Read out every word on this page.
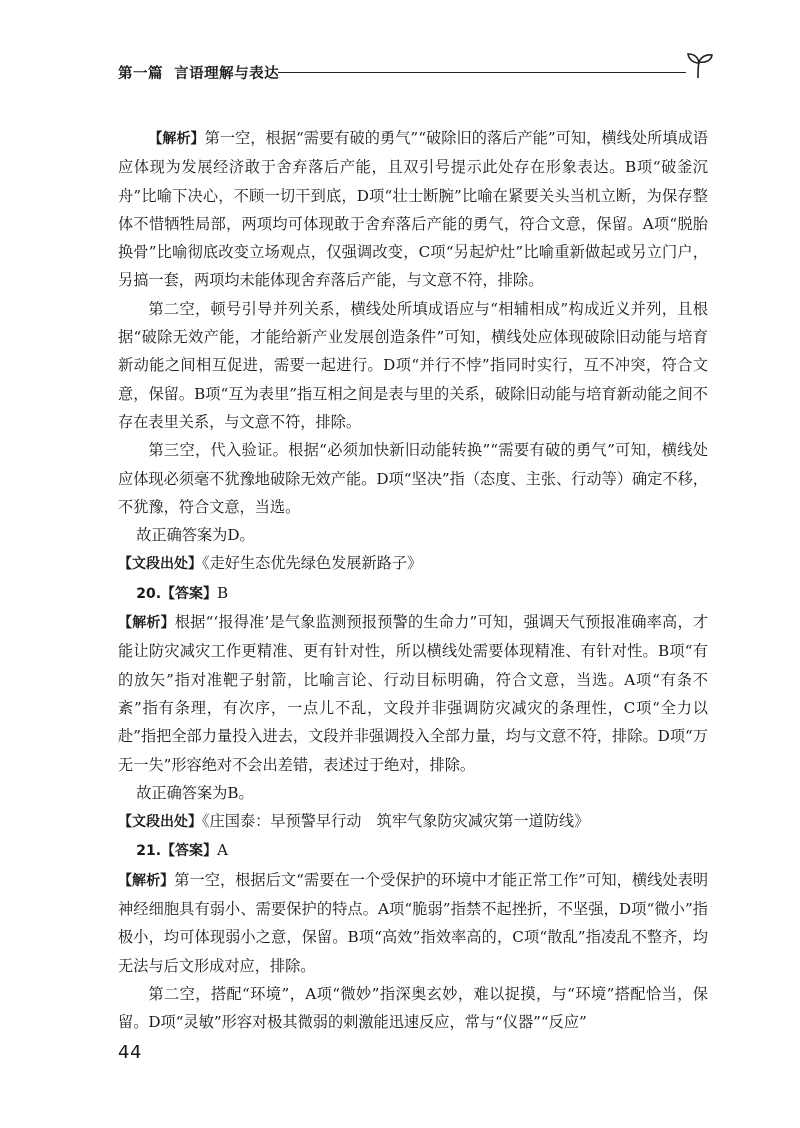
第一篇 言语理解与表达

【解析】第一空，根据“需要有破的勇气”“破除旧的落后产能”可知，横线处所填成语应体现为发展经济敢于舍弃落后产能，且双引号提示此处存在形象表达。B项“破釜沉舟”比喻下决心，不顾一切干到底，D项“壮士断腕”比喻在紧要关头当机立断，为保存整体不惜牺牲局部，两项均可体现敢于舍弃落后产能的勇气，符合文意，保留。A项“脱胎换骨”比喻彻底改变立场观点，仅强调改变，C项“另起炉灶”比喻重新做起或另立门户，另搞一套，两项均未能体现舍弃落后产能，与文意不符，排除。

第二空，顿号引导并列关系，横线处所填成语应与“相辅相成”构成近义并列，且根据“破除无效产能，才能给新产业发展创造条件”可知，横线处应体现破除旧动能与培育新动能之间相互促进，需要一起进行。D项“并行不悖”指同时实行，互不冲突，符合文意，保留。B项“互为表里”指互相之间是表与里的关系，破除旧动能与培育新动能之间不存在表里关系，与文意不符，排除。

第三空，代入验证。根据“必须加快新旧动能转换”“需要有破的勇气”可知，横线处应体现必须毫不犹豫地破除无效产能。D项“坚决”指（态度、主张、行动等）确定不移，不犹豫，符合文意，当选。

故正确答案为D。

【文段出处】《走好生态优先绿色发展新路子》

20.【答案】B

【解析】根据“‘报得准’是气象监测预报预警的生命力”可知，强调天气预报准确率高，才能让防灾减灾工作更精准、更有针对性，所以横线处需要体现精准、有针对性。B项“有的放矢”指对准靶子射箭，比喻言论、行动目标明确，符合文意，当选。A项“有条不紊”指有条理，有次序，一点儿不乱，文段并非强调防灾减灾的条理性，C项“全力以赴”指把全部力量投入进去，文段并非强调投入全部力量，均与文意不符，排除。D项“万无一失”形容绝对不会出差错，表述过于绝对，排除。

故正确答案为B。

【文段出处】《庄国泰：早预警早行动　筑牢气象防灾减灾第一道防线》

21.【答案】A

【解析】第一空，根据后文“需要在一个受保护的环境中才能正常工作”可知，横线处表明神经细胞具有弱小、需要保护的特点。A项“脆弱”指禁不起挫折，不坚强，D项“微小”指极小，均可体现弱小之意，保留。B项“高效”指效率高的，C项“散乱”指凌乱不整齐，均无法与后文形成对应，排除。

第二空，搭配“环境”，A项“微妙”指深奥玄妙，难以捉摸，与“环境”搭配恰当，保留。D项“灵敏”形容对极其微弱的刺激能迅速反应，常与“仪器”“反应”

44
